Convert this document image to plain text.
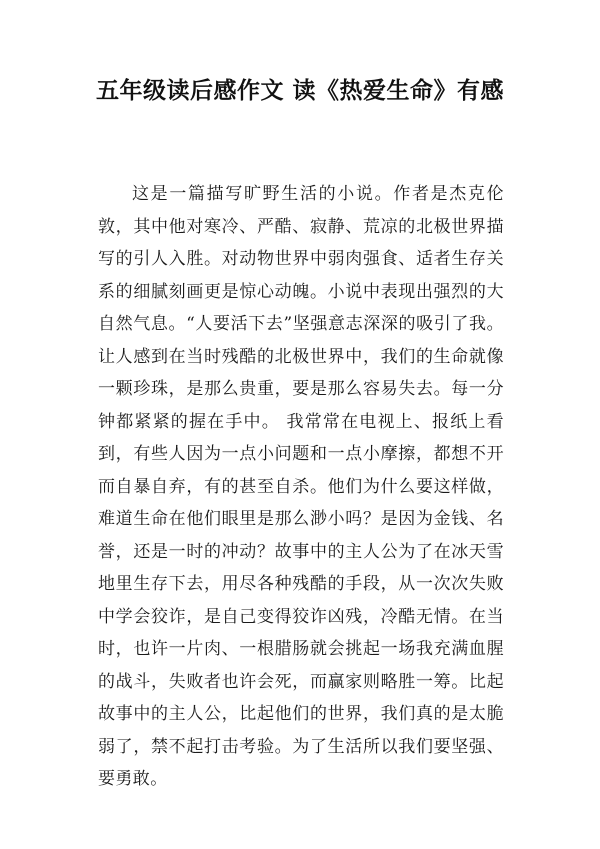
五年级读后感作文 读《热爱生命》有感

这是一篇描写旷野生活的小说。作者是杰克伦敦，其中他对寒冷、严酷、寂静、荒凉的北极世界描写的引人入胜。对动物世界中弱肉强食、适者生存关系的细腻刻画更是惊心动魄。小说中表现出强烈的大自然气息。“人要活下去”坚强意志深深的吸引了我。让人感到在当时残酷的北极世界中，我们的生命就像一颗珍珠，是那么贵重，要是那么容易失去。每一分钟都紧紧的握在手中。 我常常在电视上、报纸上看到，有些人因为一点小问题和一点小摩擦，都想不开而自暴自弃，有的甚至自杀。他们为什么要这样做，难道生命在他们眼里是那么渺小吗？是因为金钱、名誉，还是一时的冲动？故事中的主人公为了在冰天雪地里生存下去，用尽各种残酷的手段，从一次次失败中学会狡诈，是自己变得狡诈凶残，冷酷无情。在当时，也许一片肉、一根腊肠就会挑起一场我充满血腥的战斗，失败者也许会死，而赢家则略胜一筹。比起故事中的主人公，比起他们的世界，我们真的是太脆弱了，禁不起打击考验。为了生活所以我们要坚强、要勇敢。
